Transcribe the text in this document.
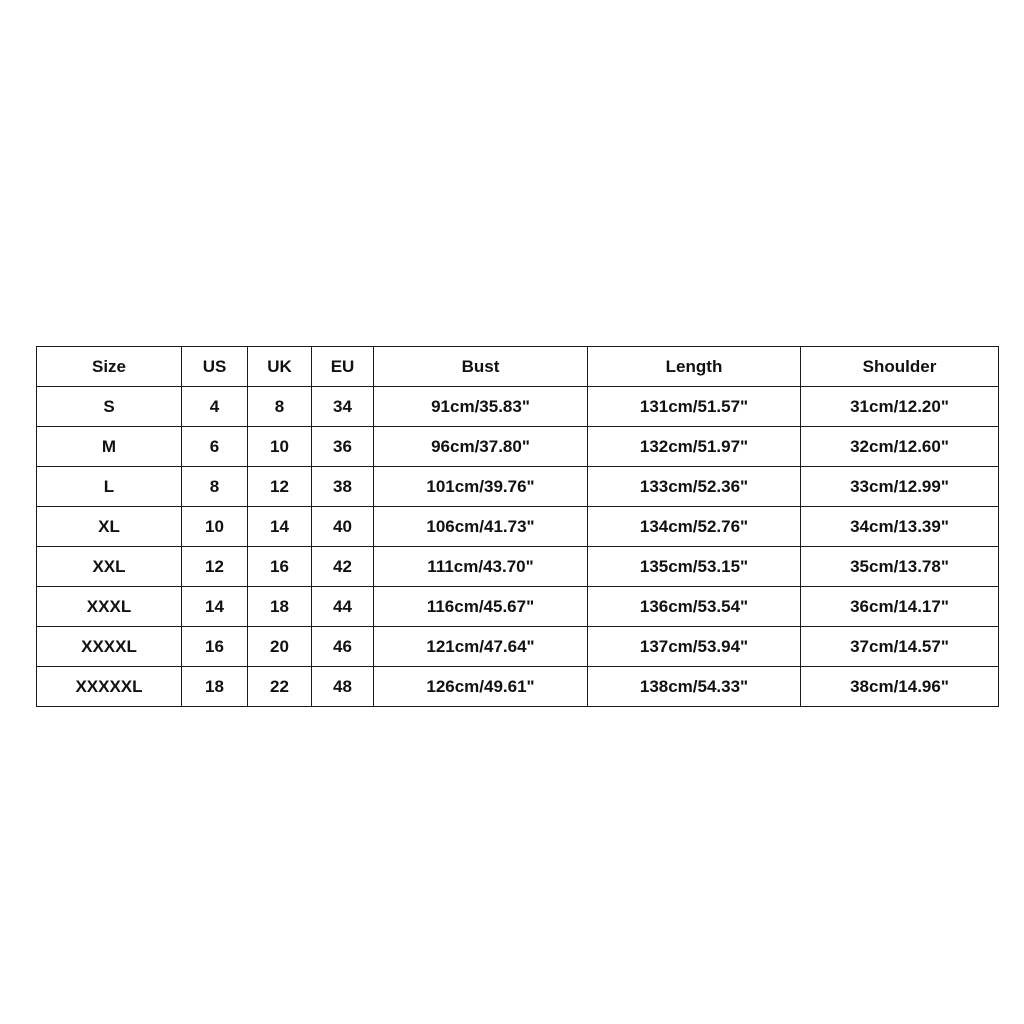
Size	US	UK	EU	Bust	Length	Shoulder
S	4	8	34	91cm/35.83"	131cm/51.57"	31cm/12.20"
M	6	10	36	96cm/37.80"	132cm/51.97"	32cm/12.60"
L	8	12	38	101cm/39.76"	133cm/52.36"	33cm/12.99"
XL	10	14	40	106cm/41.73"	134cm/52.76"	34cm/13.39"
XXL	12	16	42	111cm/43.70"	135cm/53.15"	35cm/13.78"
XXXL	14	18	44	116cm/45.67"	136cm/53.54"	36cm/14.17"
XXXXL	16	20	46	121cm/47.64"	137cm/53.94"	37cm/14.57"
XXXXXL	18	22	48	126cm/49.61"	138cm/54.33"	38cm/14.96"
